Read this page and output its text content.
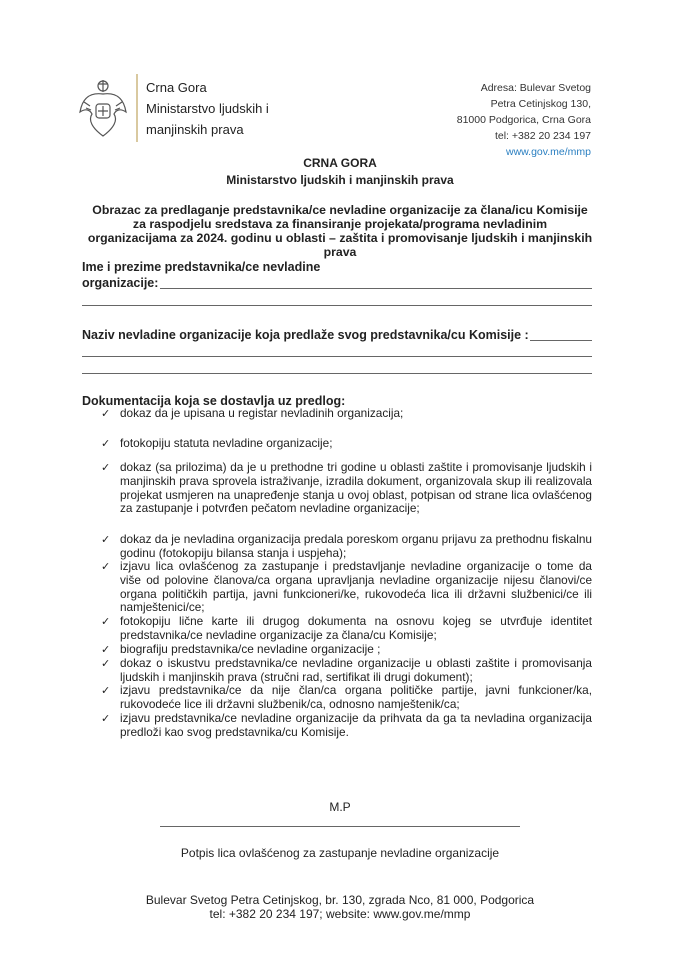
Crna Gora
Ministarstvo ljudskih i
manjinskih prava
Adresa: Bulevar Svetog
Petra Cetinjskog 130,
81000 Podgorica, Crna Gora
tel: +382 20 234 197
www.gov.me/mmp
CRNA GORA
Ministarstvo ljudskih i manjinskih prava
Obrazac za predlaganje predstavnika/ce nevladine organizacije za člana/icu Komisije
za raspodjelu sredstava za finansiranje projekata/programa nevladinim
organizacijama za 2024. godinu u oblasti – zaštita i promovisanje ljudskih i manjinskih
prava
Ime i prezime predstavnika/ce nevladine
organizacije:
Naziv nevladine organizacije koja predlaže svog predstavnika/cu Komisije :
Dokumentacija koja se dostavlja uz predlog:
✓ dokaz da je upisana u registar nevladinih organizacija;
✓ fotokopiju statuta nevladine organizacije;
✓ dokaz (sa prilozima) da je u prethodne tri godine u oblasti zaštite i promovisanje ljudskih i manjinskih prava sprovela istraživanje, izradila dokument, organizovala skup ili realizovala projekat usmjeren na unapređenje stanja u ovoj oblast, potpisan od strane lica ovlašćenog za zastupanje i potvrđen pečatom nevladine organizacije;
✓ dokaz da je nevladina organizacija predala poreskom organu prijavu za prethodnu fiskalnu godinu (fotokopiju bilansa stanja i uspjeha);
✓ izjavu lica ovlašćenog za zastupanje i predstavljanje nevladine organizacije o tome da više od polovine članova/ca organa upravljanja nevladine organizacije nijesu članovi/ce organa političkih partija, javni funkcioneri/ke, rukovodeća lica ili državni službenici/ce ili namještenici/ce;
✓ fotokopiju lične karte ili drugog dokumenta na osnovu kojeg se utvrđuje identitet predstavnika/ce nevladine organizacije za člana/cu Komisije;
✓ biografiju predstavnika/ce nevladine organizacije ;
✓ dokaz o iskustvu predstavnika/ce nevladine organizacije u oblasti zaštite i promovisanja ljudskih i manjinskih prava (stručni rad, sertifikat ili drugi dokument);
✓ izjavu predstavnika/ce da nije član/ca organa političke partije, javni funkcioner/ka, rukovodeće lice ili državni službenik/ca, odnosno namještenik/ca;
✓ izjavu predstavnika/ce nevladine organizacije da prihvata da ga ta nevladina organizacija predloži kao svog predstavnika/cu Komisije.
M.P
Potpis lica ovlašćenog za zastupanje nevladine organizacije
Bulevar Svetog Petra Cetinjskog, br. 130, zgrada Nco, 81 000, Podgorica
tel: +382 20 234 197; website: www.gov.me/mmp
